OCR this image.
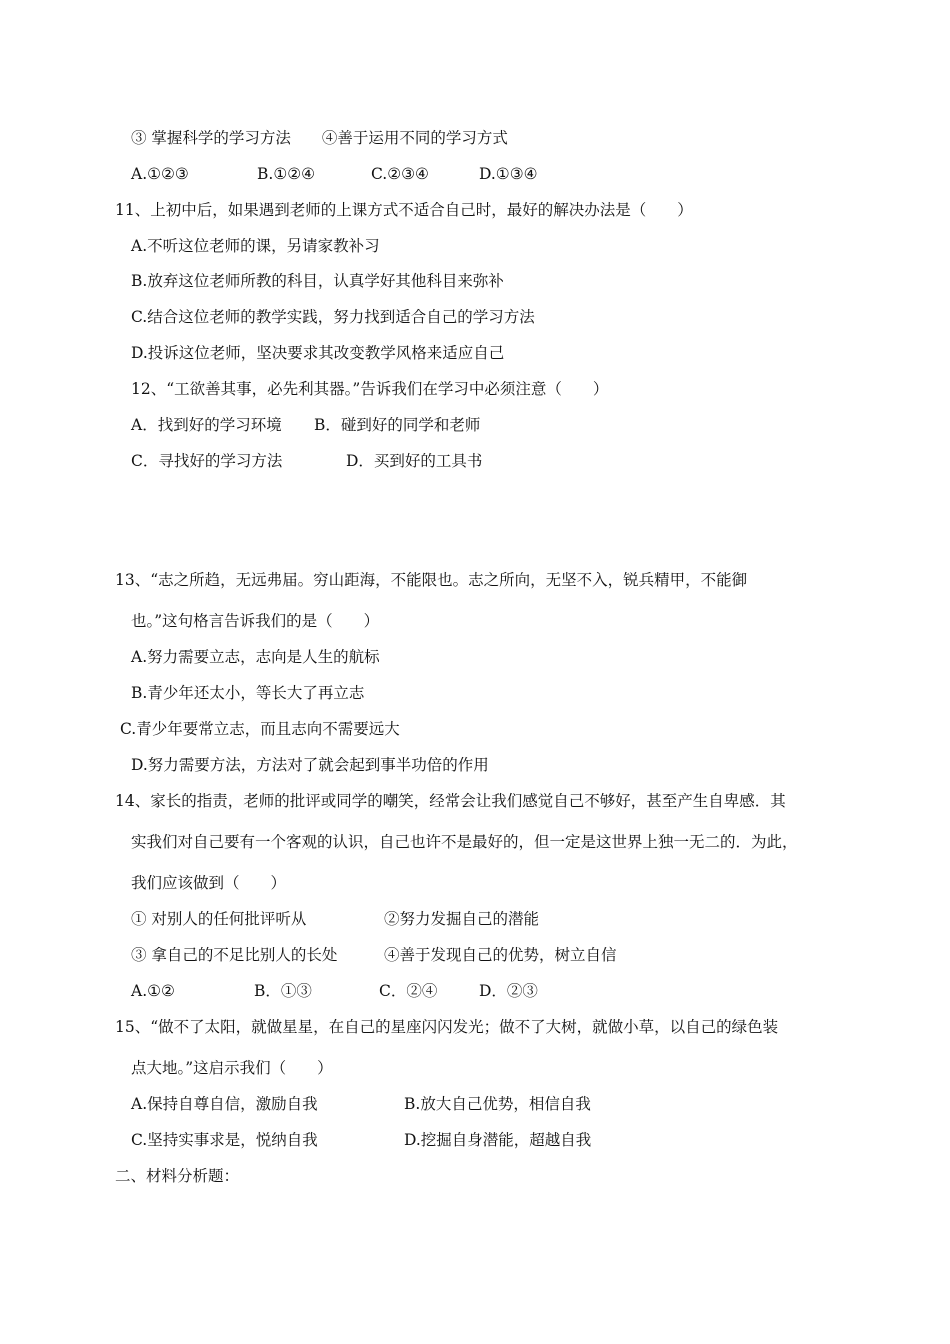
③ 掌握科学的学习方法　　④善于运用不同的学习方式
A.①②③	B.①②④	C.②③④	D.①③④
11、上初中后，如果遇到老师的上课方式不适合自己时，最好的解决办法是（　　）
A.不听这位老师的课，另请家教补习
B.放弃这位老师所教的科目，认真学好其他科目来弥补
C.结合这位老师的教学实践，努力找到适合自己的学习方法
D.投诉这位老师，坚决要求其改变教学风格来适应自己
12、“工欲善其事，必先利其器。”告诉我们在学习中必须注意（　　）
A．找到好的学习环境 B．碰到好的同学和老师
C．寻找好的学习方法	D．买到好的工具书
13、“志之所趋，无远弗届。穷山距海，不能限也。志之所向，无坚不入，锐兵精甲，不能御
也。”这句格言告诉我们的是（　　）
A.努力需要立志，志向是人生的航标
B.青少年还太小，等长大了再立志
C.青少年要常立志，而且志向不需要远大
D.努力需要方法，方法对了就会起到事半功倍的作用
14、家长的指责，老师的批评或同学的嘲笑，经常会让我们感觉自己不够好，甚至产生自卑感．其
实我们对自己要有一个客观的认识，自己也许不是最好的，但一定是这世界上独一无二的．为此，
我们应该做到（　　）
① 对别人的任何批评听从	②努力发掘自己的潜能
③ 拿自己的不足比别人的长处	④善于发现自己的优势，树立自信
A.①②	B．①③	C．②④	D．②③
15、“做不了太阳，就做星星，在自己的星座闪闪发光；做不了大树，就做小草，以自己的绿色装
点大地。”这启示我们（　　）
A.保持自尊自信，激励自我	B.放大自己优势，相信自我
C.坚持实事求是，悦纳自我	D.挖掘自身潜能，超越自我
二、材料分析题：
